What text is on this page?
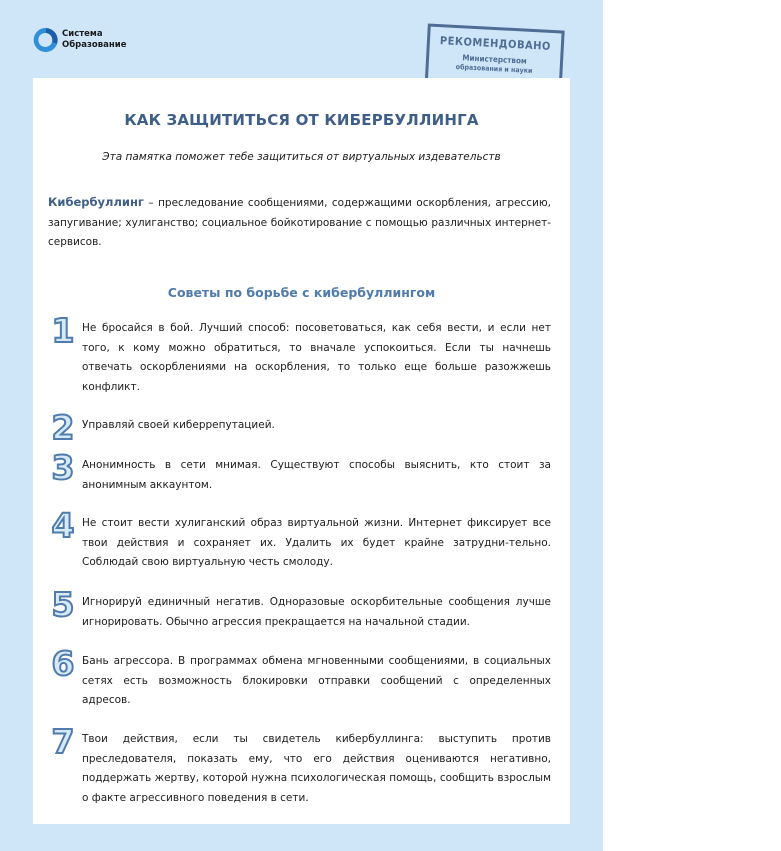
Система
Образование	РЕКОМЕНДОВАНО
Министерством
образования и науки
КАК ЗАЩИТИТЬСЯ ОТ КИБЕРБУЛЛИНГА
Эта памятка поможет тебе защититься от виртуальных издевательств
Кибербуллинг – преследование сообщениями, содержащими оскорбления, агрессию, запугивание; хулиганство; социальное бойкотирование с помощью различных интернет-сервисов.
Советы по борьбе с кибербуллингом
1 Не бросайся в бой. Лучший способ: посоветоваться, как себя вести, и если нет того, к кому можно обратиться, то вначале успокоиться. Если ты начнешь отвечать оскорблениями на оскорбления, то только еще больше разожжешь конфликт.
2 Управляй своей киберрепутацией.
3 Анонимность в сети мнимая. Существуют способы выяснить, кто стоит за анонимным аккаунтом.
4 Не стоит вести хулиганский образ виртуальной жизни. Интернет фиксирует все твои действия и сохраняет их. Удалить их будет крайне затрудни-тельно. Соблюдай свою виртуальную честь смолоду.
5 Игнорируй единичный негатив. Одноразовые оскорбительные сообщения лучше игнорировать. Обычно агрессия прекращается на начальной стадии.
6 Бань агрессора. В программах обмена мгновенными сообщениями, в социальных сетях есть возможность блокировки отправки сообщений с определенных адресов.
7 Твои действия, если ты свидетель кибербуллинга: выступить против преследователя, показать ему, что его действия оцениваются негативно, поддержать жертву, которой нужна психологическая помощь, сообщить взрослым о факте агрессивного поведения в сети.
